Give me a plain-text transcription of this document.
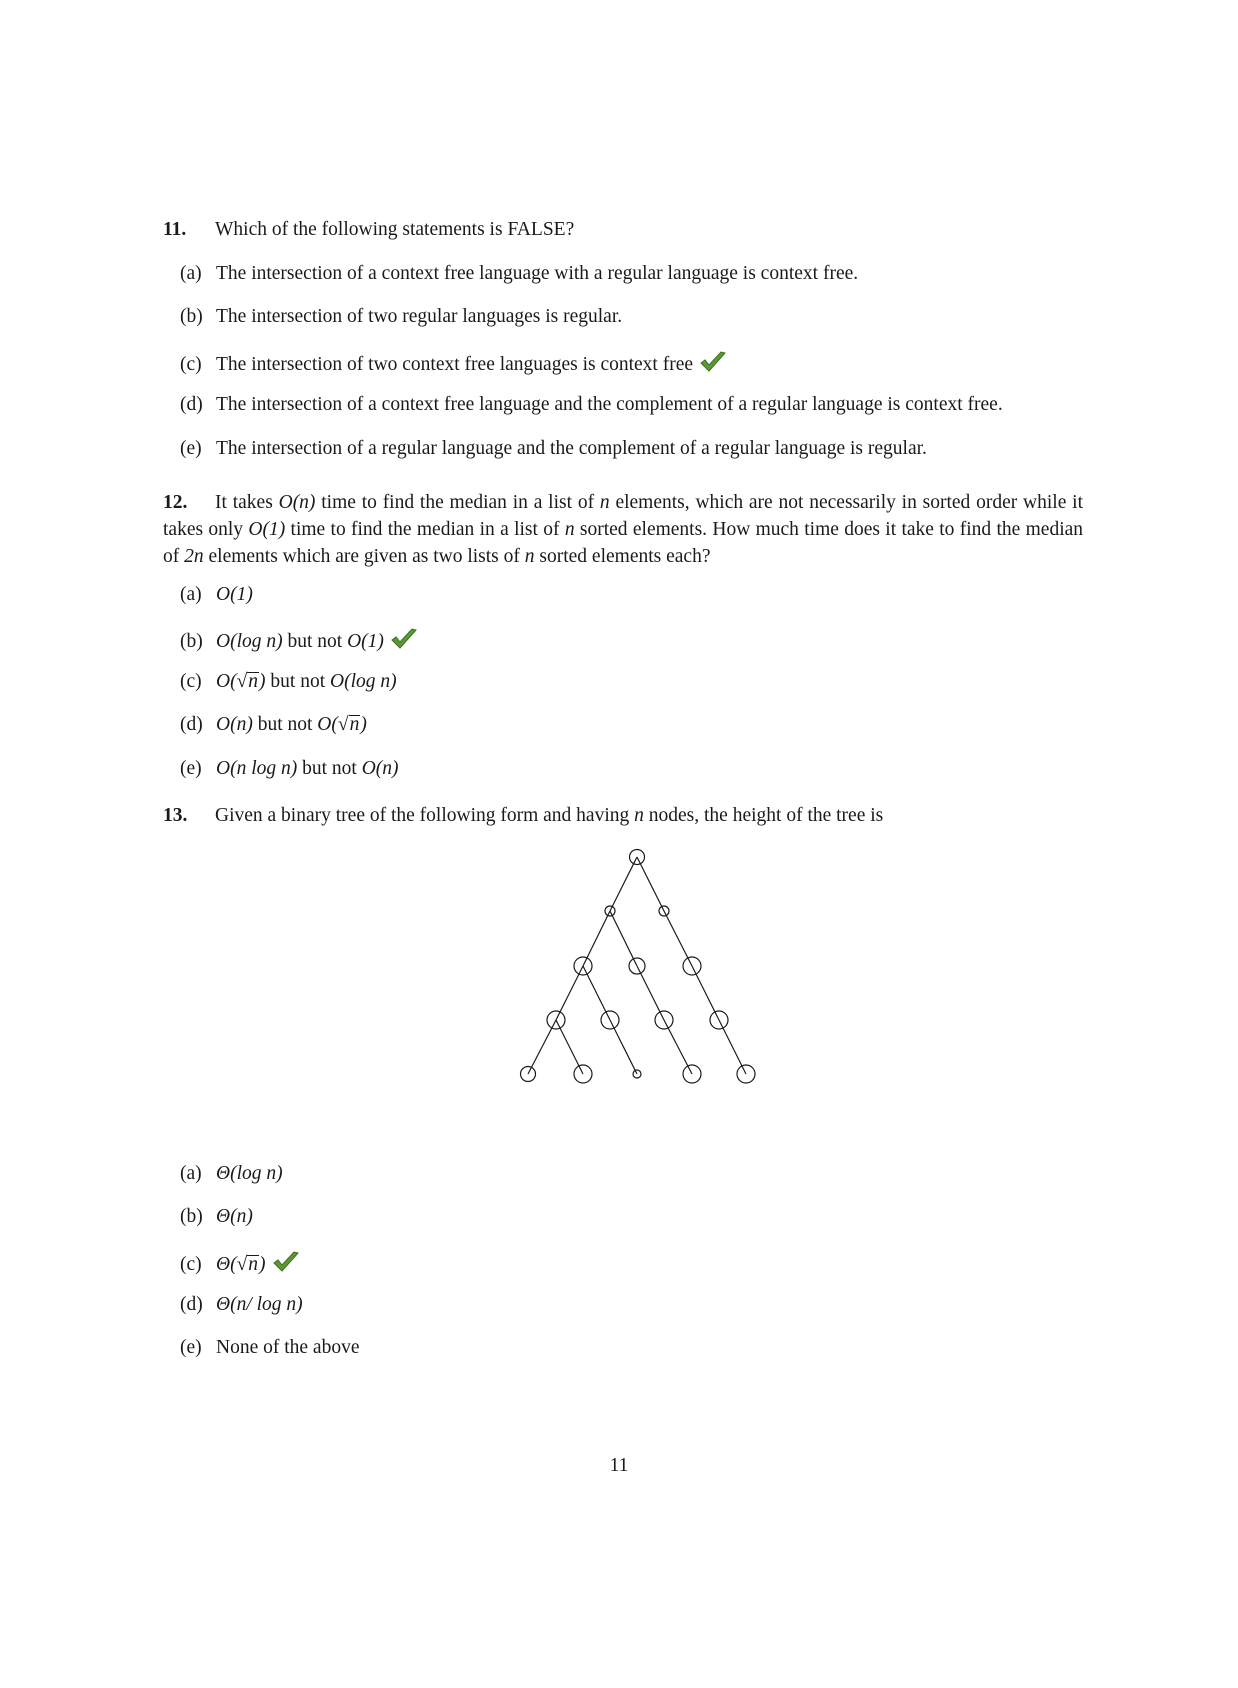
11. Which of the following statements is FALSE?
(a) The intersection of a context free language with a regular language is context free.
(b) The intersection of two regular languages is regular.
(c) The intersection of two context free languages is context free
(d) The intersection of a context free language and the complement of a regular language is context free.
(e) The intersection of a regular language and the complement of a regular language is regular.
12. It takes O(n) time to find the median in a list of n elements, which are not necessarily in sorted order while it takes only O(1) time to find the median in a list of n sorted elements. How much time does it take to find the median of 2n elements which are given as two lists of n sorted elements each?
(a) O(1)
(b) O(log n) but not O(1)
(c) O(√n) but not O(log n)
(d) O(n) but not O(√n)
(e) O(n log n) but not O(n)
13. Given a binary tree of the following form and having n nodes, the height of the tree is
(a) Θ(log n)
(b) Θ(n)
(c) Θ(√n)
(d) Θ(n/ log n)
(e) None of the above
11
